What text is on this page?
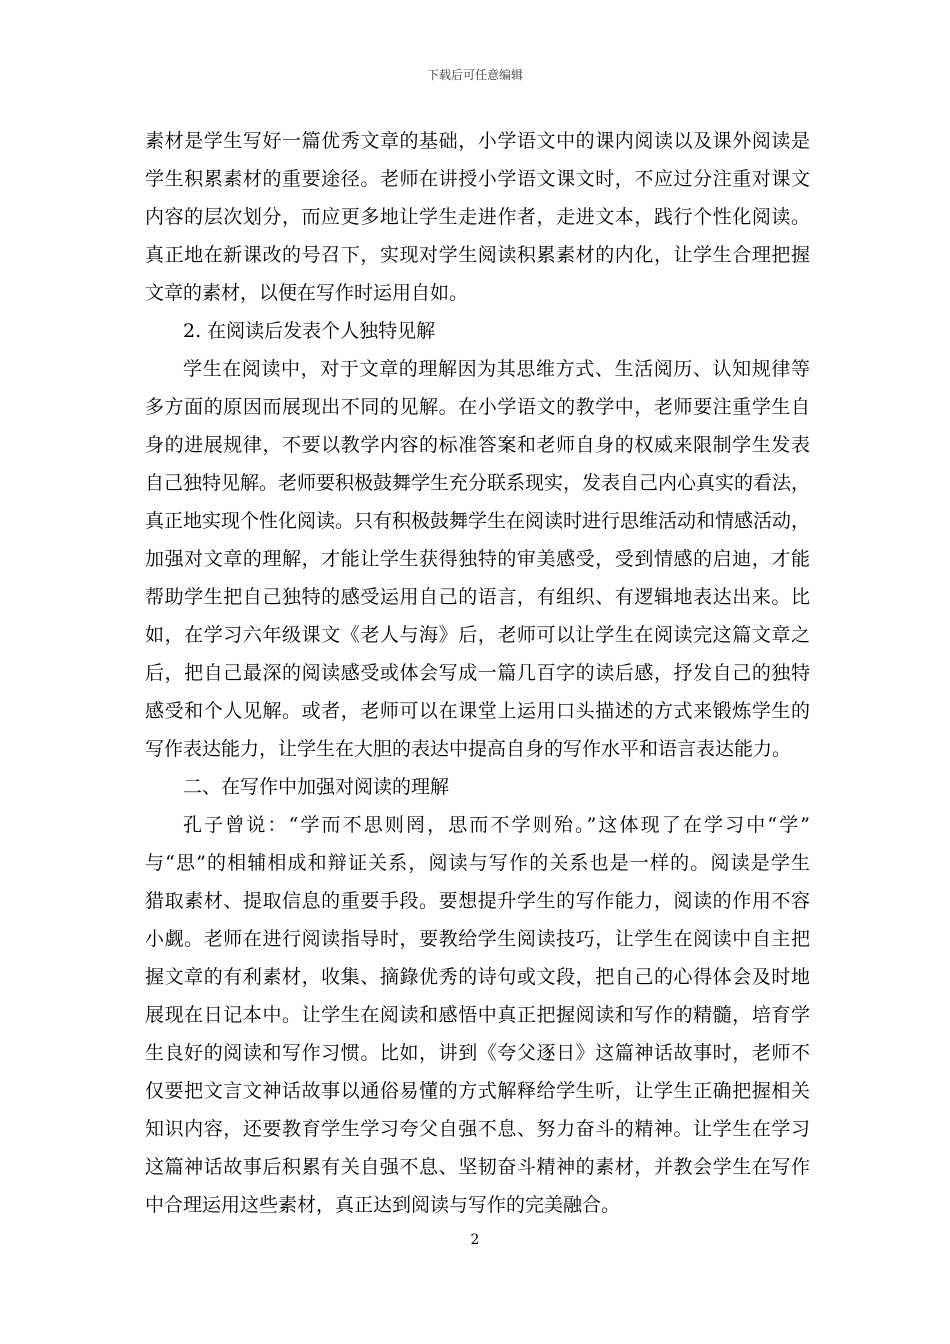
下载后可任意编辑
素材是学生写好一篇优秀文章的基础，小学语文中的课内阅读以及课外阅读是
学生积累素材的重要途径。老师在讲授小学语文课文时，不应过分注重对课文
内容的层次划分，而应更多地让学生走进作者，走进文本，践行个性化阅读。
真正地在新课改的号召下，实现对学生阅读积累素材的内化，让学生合理把握
文章的素材，以便在写作时运用自如。
2. 在阅读后发表个人独特见解
学生在阅读中，对于文章的理解因为其思维方式、生活阅历、认知规律等
多方面的原因而展现出不同的见解。在小学语文的教学中，老师要注重学生自
身的进展规律，不要以教学内容的标准答案和老师自身的权威来限制学生发表
自己独特见解。老师要积极鼓舞学生充分联系现实，发表自己内心真实的看法，
真正地实现个性化阅读。只有积极鼓舞学生在阅读时进行思维活动和情感活动，
加强对文章的理解，才能让学生获得独特的审美感受，受到情感的启迪，才能
帮助学生把自己独特的感受运用自己的语言，有组织、有逻辑地表达出来。比
如，在学习六年级课文《老人与海》后，老师可以让学生在阅读完这篇文章之
后，把自己最深的阅读感受或体会写成一篇几百字的读后感，抒发自己的独特
感受和个人见解。或者，老师可以在课堂上运用口头描述的方式来锻炼学生的
写作表达能力，让学生在大胆的表达中提高自身的写作水平和语言表达能力。
二、在写作中加强对阅读的理解
孔子曾说：“学而不思则罔，思而不学则殆。”这体现了在学习中“学”
与“思”的相辅相成和辩证关系，阅读与写作的关系也是一样的。阅读是学生
猎取素材、提取信息的重要手段。要想提升学生的写作能力，阅读的作用不容
小觑。老师在进行阅读指导时，要教给学生阅读技巧，让学生在阅读中自主把
握文章的有利素材，收集、摘錄优秀的诗句或文段，把自己的心得体会及时地
展现在日记本中。让学生在阅读和感悟中真正把握阅读和写作的精髓，培育学
生良好的阅读和写作习惯。比如，讲到《夸父逐日》这篇神话故事时，老师不
仅要把文言文神话故事以通俗易懂的方式解释给学生听，让学生正确把握相关
知识内容，还要教育学生学习夸父自强不息、努力奋斗的精神。让学生在学习
这篇神话故事后积累有关自强不息、坚韧奋斗精神的素材，并教会学生在写作
中合理运用这些素材，真正达到阅读与写作的完美融合。
2
